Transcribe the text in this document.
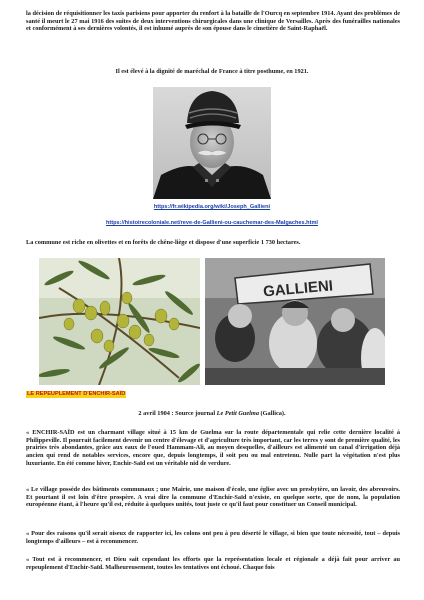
la décision de réquisitionner les taxis parisiens pour apporter du renfort à la bataille de l'Ourcq en septembre 1914. Ayant des problèmes de santé il meurt le 27 mai 1916 des suites de deux interventions chirurgicales dans une clinique de Versailles. Après des funérailles nationales et conformément à ses dernières volontés, il est inhumé auprès de son épouse dans le cimetière de Saint-Raphaël.

Il est élevé à la dignité de maréchal de France à titre posthume, en 1921.

https://fr.wikipedia.org/wiki/Joseph_Gallieni

https://histoirecoloniale.net/reve-de-Gallieni-ou-cauchemar-des-Malgaches.html

La commune est riche en olivettes et en forêts de chêne-liège et dispose d'une superficie 1 730 hectares.

GALLIENI

LE REPEUPLEMENT D'ENCHIR-SAÏD

2 avril 1904 : Source journal Le Petit Guelma (Gallica).

« ENCHIR-SAÏD est un charmant village situé à 15 km de Guelma sur la route départementale qui relie cette dernière localité à Philippeville. Il pourrait facilement devenir un centre d'élevage et d'agriculture très important, car les terres y sont de première qualité, les prairies très abondantes, grâce aux eaux de l'oued Hammam-Ali, au moyen desquelles, d'ailleurs est alimenté un canal d'irrigation déjà ancien qui rend de notables services, encore que, depuis longtemps, il soit peu ou mal entretenu. Nulle part la végétation n'est plus luxuriante. En été comme hiver, Enchir-Saïd est un véritable nid de verdure.

« Le village possède des bâtiments communaux ; une Mairie, une maison d'école, une église avec un presbytère, un lavoir, des abreuvoirs. Et pourtant il est loin d'être prospère. A vrai dire la commune d'Enchir-Saïd n'existe, en quelque sorte, que de nom, la population européenne étant, à l'heure qu'il est, réduite à quelques unités, tout juste ce qu'il faut pour constituer un Conseil municipal.

« Pour des raisons qu'il serait oiseux de rapporter ici, les colons ont peu à peu déserté le village, si bien que toute nécessité, tout – depuis longtemps d'ailleurs – est à recommencer.

« Tout est à recommencer, et Dieu sait cependant les efforts que la représentation locale et régionale a déjà fait pour arriver au repeuplement d'Enchir-Saïd. Malheureusement, toutes les tentatives ont échoué. Chaque fois
